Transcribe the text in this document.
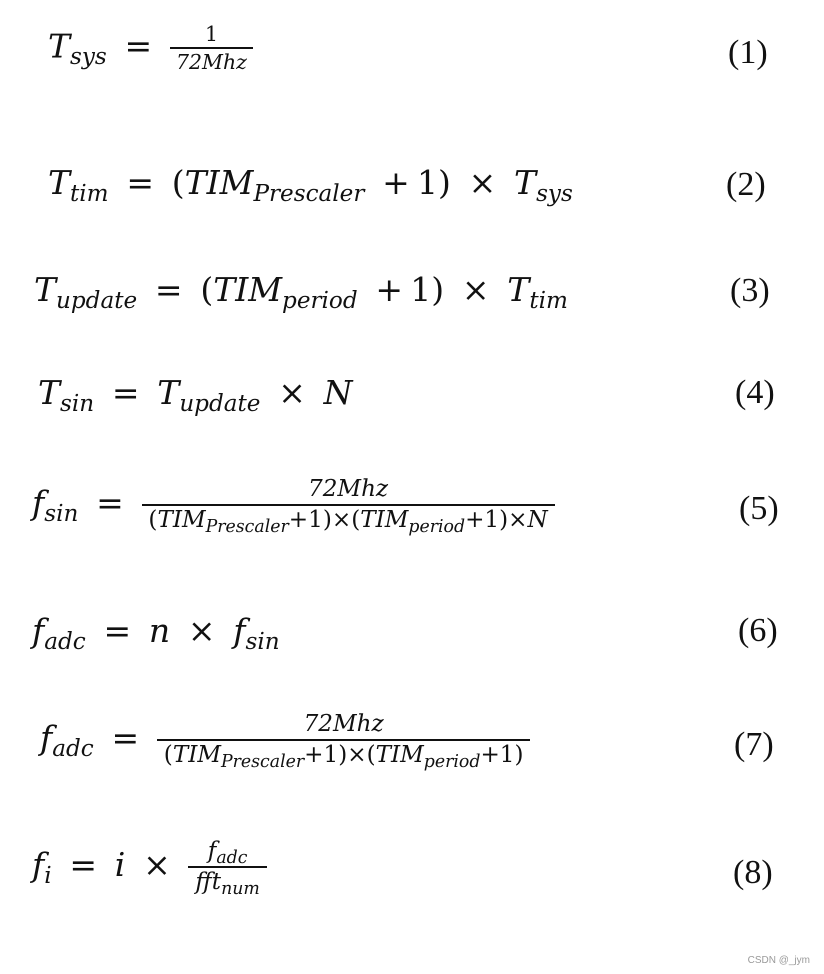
$T_{sys} = \frac{1}{\text{72Mhz}}$	(1)
$T_{tim} = (TIM_{Prescaler} + 1) \times T_{sys}$	(2)
$T_{update} = (TIM_{period} + 1) \times T_{tim}$	(3)
$T_{sin} = T_{update} \times N$	(4)
$f_{sin} = \frac{\text{72Mhz}}{(TIM_{Prescaler}+1)\times(TIM_{period}+1)\times N}$	(5)
$f_{adc} = n \times f_{sin}$	(6)
$f_{adc} = \frac{\text{72Mhz}}{(TIM_{Prescaler}+1)\times(TIM_{period}+1)}$	(7)
$f_i = i \times \frac{f_{adc}}{fft_{num}}$	(8)
CSDN @_jym
